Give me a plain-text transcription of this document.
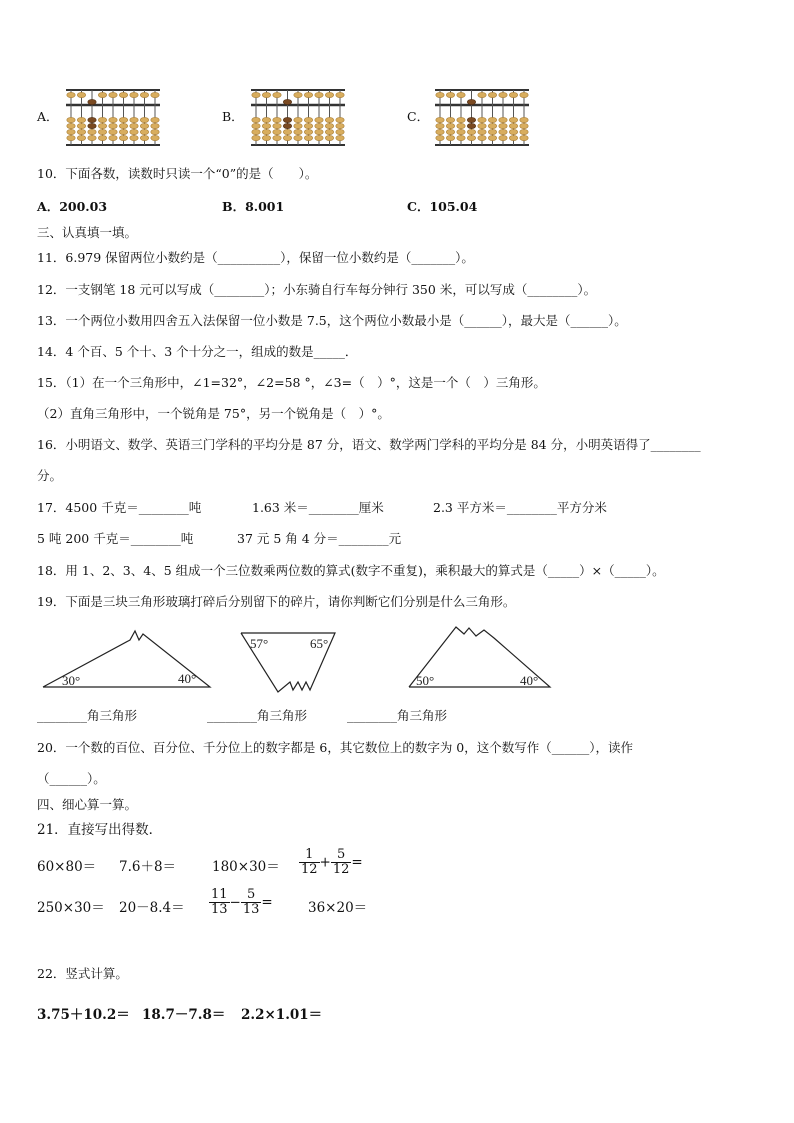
A．	B．	C．
10．下面各数，读数时只读一个“0”的是（　　）。
A．200.03	B．8.001	C．105.04
三、认真填一填。
11．6.979 保留两位小数约是（__________），保留一位小数约是（_______）。
12．一支钢笔 18 元可以写成（________）；小东骑自行车每分钟行 350 米，可以写成（________）。
13．一个两位小数用四舍五入法保留一位小数是 7.5，这个两位小数最小是（______），最大是（______）。
14．4 个百、5 个十、3 个十分之一，组成的数是_____．
15．（1）在一个三角形中，∠1=32°，∠2=58 °，∠3=（　）°，这是一个（　）三角形。
（2）直角三角形中，一个锐角是 75°，另一个锐角是（　）°。
16．小明语文、数学、英语三门学科的平均分是 87 分，语文、数学两门学科的平均分是 84 分，小明英语得了________
分。
17．4500 千克＝________吨	1.63 米＝________厘米	2.3 平方米＝________平方分米
5 吨 200 千克＝________吨	37 元 5 角 4 分＝________元
18．用 1、2、3、4、5 组成一个三位数乘两位数的算式(数字不重复)，乘积最大的算式是（_____）×（_____）。
19．下面是三块三角形玻璃打碎后分别留下的碎片，请你判断它们分别是什么三角形。
30°	40°
57°	65°
50°	40°
________角三角形	________角三角形	________角三角形
20．一个数的百位、百分位、千分位上的数字都是 6，其它数位上的数字为 0，这个数写作（______），读作
（______）。
四、细心算一算。
21．直接写出得数．
60×80＝ 7.6＋8＝	$180\times 30= \frac{1}{12} + \frac{5}{12}$ =
$250\times 30= 20-8.4= \frac{11}{13} - \frac{5}{13}$ =	36×20＝
22．竖式计算。
3.75＋10.2＝ 18.7－7.8＝ 2.2×1.01＝
